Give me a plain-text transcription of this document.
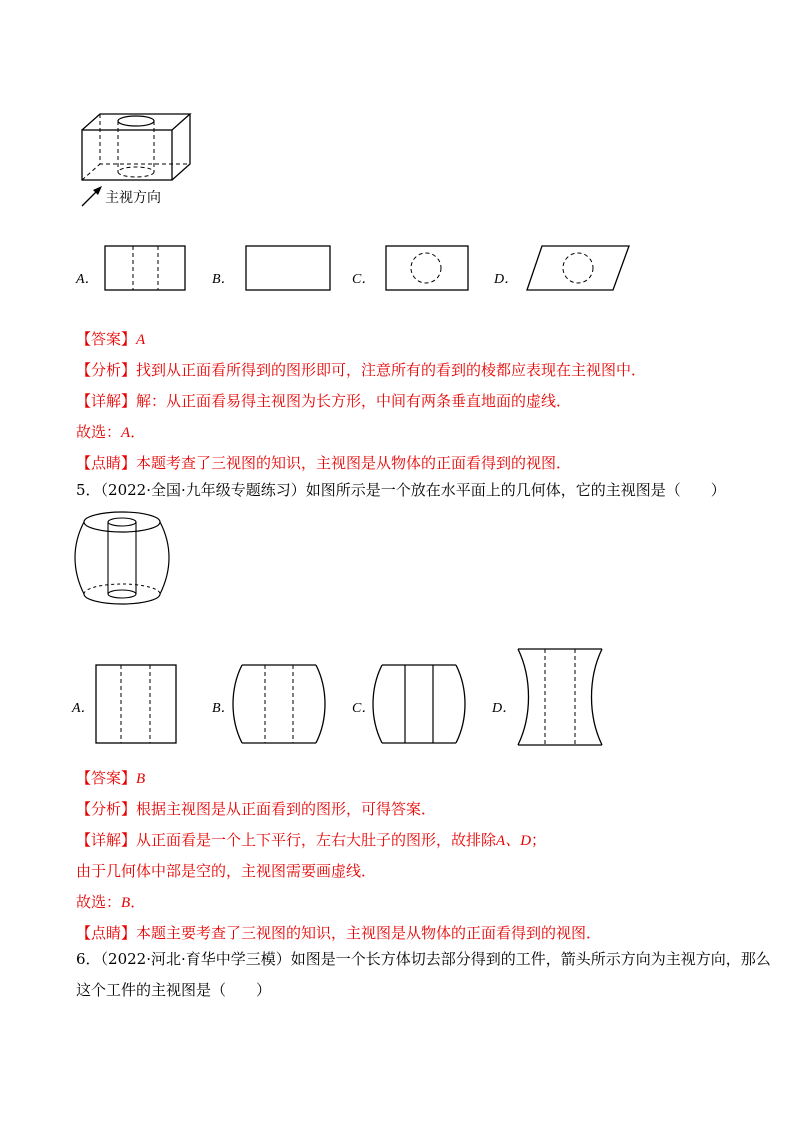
主视方向
A．	B．	C．	D．
【答案】A
【分析】找到从正面看所得到的图形即可，注意所有的看到的棱都应表现在主视图中．
【详解】解：从正面看易得主视图为长方形，中间有两条垂直地面的虚线．
故选：A．
【点睛】本题考查了三视图的知识，主视图是从物体的正面看得到的视图．
5．（2022·全国·九年级专题练习）如图所示是一个放在水平面上的几何体，它的主视图是（　　）
A．	B．	C．	D．
【答案】B
【分析】根据主视图是从正面看到的图形，可得答案．
【详解】从正面看是一个上下平行，左右大肚子的图形，故排除A、D；
由于几何体中部是空的，主视图需要画虚线．
故选：B．
【点睛】本题主要考查了三视图的知识，主视图是从物体的正面看得到的视图．
6．（2022·河北·育华中学三模）如图是一个长方体切去部分得到的工件，箭头所示方向为主视方向，那么
这个工件的主视图是（　　）
